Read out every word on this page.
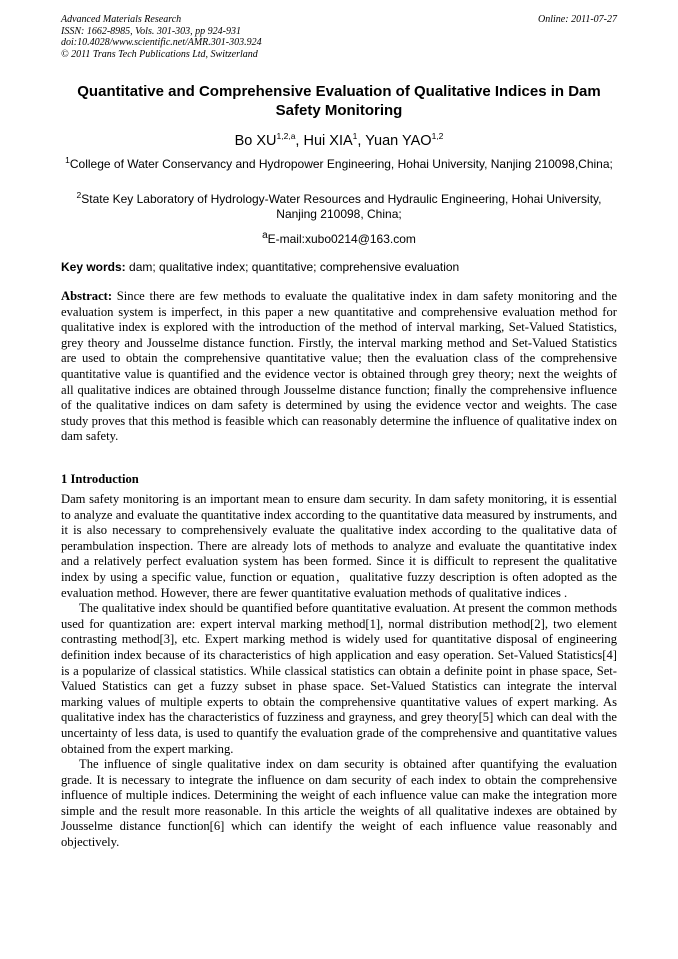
Advanced Materials Research
ISSN: 1662-8985, Vols. 301-303, pp 924-931
doi:10.4028/www.scientific.net/AMR.301-303.924
© 2011 Trans Tech Publications Ltd, Switzerland
Online: 2011-07-27
Quantitative and Comprehensive Evaluation of Qualitative Indices in Dam Safety Monitoring
Bo XU$^{1,2,a}$, Hui XIA$^1$, Yuan YAO$^{1,2}$
$^1$College of Water Conservancy and Hydropower Engineering, Hohai University, Nanjing 210098,China;
$^2$State Key Laboratory of Hydrology-Water Resources and Hydraulic Engineering, Hohai University, Nanjing 210098, China;
$^a$E-mail:xubo0214@163.com
Key words: dam; qualitative index; quantitative; comprehensive evaluation
Abstract: Since there are few methods to evaluate the qualitative index in dam safety monitoring and the evaluation system is imperfect, in this paper a new quantitative and comprehensive evaluation method for qualitative index is explored with the introduction of the method of interval marking, Set-Valued Statistics, grey theory and Jousselme distance function. Firstly, the interval marking method and Set-Valued Statistics are used to obtain the comprehensive quantitative value; then the evaluation class of the comprehensive quantitative value is quantified and the evidence vector is obtained through grey theory; next the weights of all qualitative indices are obtained through Jousselme distance function; finally the comprehensive influence of the qualitative indices on dam safety is determined by using the evidence vector and weights. The case study proves that this method is feasible which can reasonably determine the influence of qualitative index on dam safety.
1 Introduction

Dam safety monitoring is an important mean to ensure dam security. In dam safety monitoring, it is essential to analyze and evaluate the quantitative index according to the quantitative data measured by instruments, and it is also necessary to comprehensively evaluate the qualitative index according to the qualitative data of perambulation inspection. There are already lots of methods to analyze and evaluate the quantitative index and a relatively perfect evaluation system has been formed. Since it is difficult to represent the qualitative index by using a specific value, function or equation，qualitative fuzzy description is often adopted as the evaluation method. However, there are fewer quantitative evaluation methods of qualitative indices .

The qualitative index should be quantified before quantitative evaluation. At present the common methods used for quantization are: expert interval marking method[1], normal distribution method[2], two element contrasting method[3], etc. Expert marking method is widely used for quantitative disposal of engineering definition index because of its characteristics of high application and easy operation. Set-Valued Statistics[4] is a popularize of classical statistics. While classical statistics can obtain a definite point in phase space, Set-Valued Statistics can get a fuzzy subset in phase space. Set-Valued Statistics can integrate the interval marking values of multiple experts to obtain the comprehensive quantitative values of expert marking. As qualitative index has the characteristics of fuzziness and grayness, and grey theory[5] which can deal with the uncertainty of less data, is used to quantify the evaluation grade of the comprehensive and quantitative values obtained from the expert marking.

The influence of single qualitative index on dam security is obtained after quantifying the evaluation grade. It is necessary to integrate the influence on dam security of each index to obtain the comprehensive influence of multiple indices. Determining the weight of each influence value can make the integration more simple and the result more reasonable. In this article the weights of all qualitative indexes are obtained by Jousselme distance function[6] which can identify the weight of each influence value reasonably and objectively.
